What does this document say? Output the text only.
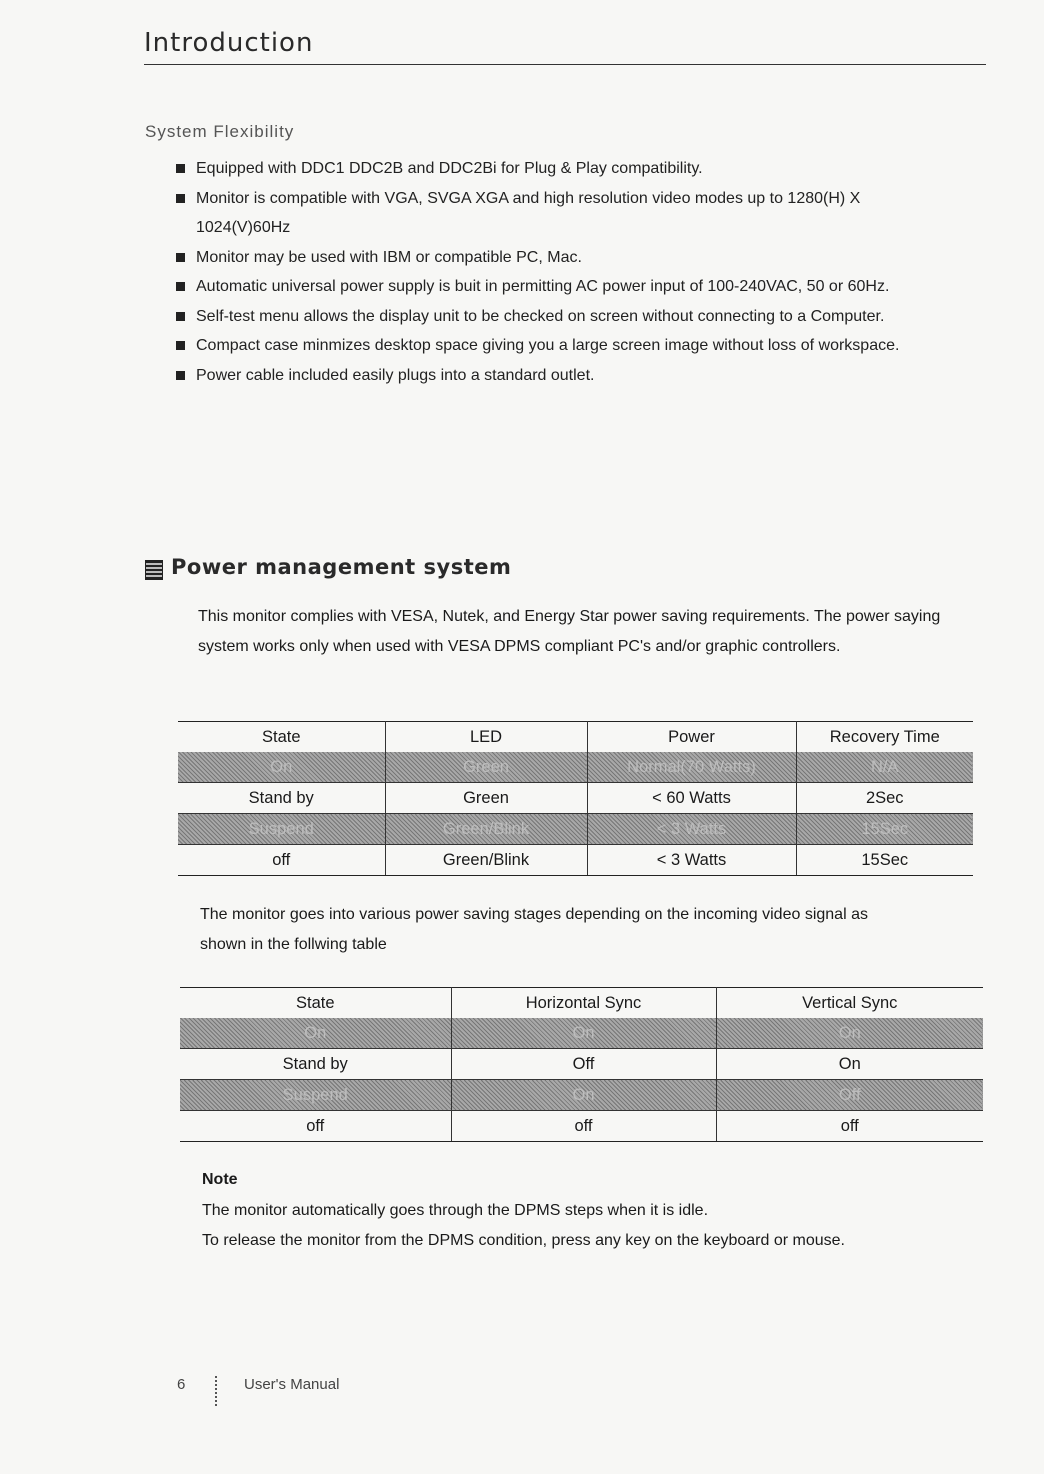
Introduction
System Flexibility
Equipped with DDC1 DDC2B and DDC2Bi for Plug & Play compatibility.
Monitor is compatible with VGA, SVGA XGA and high resolution video modes up to 1280(H) X 1024(V)60Hz
Monitor may be used with IBM or compatible PC, Mac.
Automatic universal power supply is buit in permitting AC power input of 100-240VAC, 50 or 60Hz.
Self-test menu allows the display unit to be checked on screen without connecting to a Computer.
Compact case minmizes desktop space giving you a large screen image without loss of workspace.
Power cable included easily plugs into a standard outlet.
Power management system
This monitor complies with VESA, Nutek, and Energy Star power saving requirements. The power saying system works only when used with VESA DPMS compliant PC's and/or graphic controllers.
State	LED	Power	Recovery Time
On	Green	Normal(70 Watts)	N/A
Stand by	Green	< 60 Watts	2Sec
Suspend	Green/Blink	< 3 Watts	15Sec
off	Green/Blink	< 3 Watts	15Sec
The monitor goes into various power saving stages depending on the incoming video signal as shown in the follwing table
State	Horizontal Sync	Vertical Sync
On	On	On
Stand by	Off	On
Suspend	On	Off
off	off	off
Note
The monitor automatically goes through the DPMS steps when it is idle.
To release the monitor from the DPMS condition, press any key on the keyboard or mouse.
6	User's Manual
